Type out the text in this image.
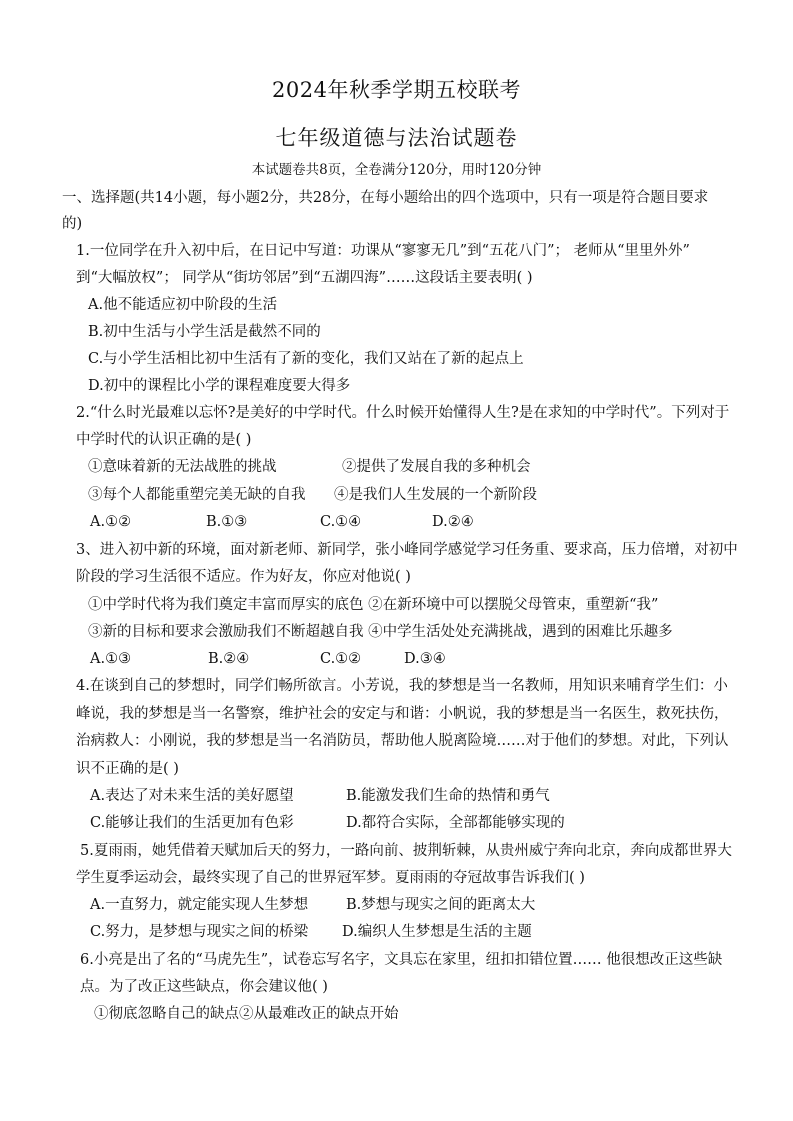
2024年秋季学期五校联考
七年级道德与法治试题卷
本试题卷共8页，全卷满分120分，用时120分钟
一、选择题(共14小题，每小题2分，共28分，在每小题给出的四个选项中，只有一项是符合题目要求
的)
1.一位同学在升入初中后，在日记中写道：功课从“寥寥无几”到“五花八门”； 老师从“里里外外”
到“大幅放权”； 同学从“街坊邻居”到“五湖四海”……这段话主要表明( )
A.他不能适应初中阶段的生活
B.初中生活与小学生活是截然不同的
C.与小学生活相比初中生活有了新的变化，我们又站在了新的起点上
D.初中的课程比小学的课程难度要大得多
2.“什么时光最难以忘怀?是美好的中学时代。什么时候开始懂得人生?是在求知的中学时代”。下列对于
中学时代的认识正确的是( )
①意味着新的无法战胜的挑战	②提供了发展自我的多种机会
③每个人都能重塑完美无缺的自我 ④是我们人生发展的一个新阶段
A.①②	B.①③	C.①④	D.②④
3、进入初中新的环境，面对新老师、新同学，张小峰同学感觉学习任务重、要求高，压力倍增，对初中
阶段的学习生活很不适应。作为好友，你应对他说( )
①中学时代将为我们奠定丰富而厚实的底色 ②在新环境中可以摆脱父母管束，重塑新“我”
③新的目标和要求会激励我们不断超越自我 ④中学生活处处充满挑战，遇到的困难比乐趣多
A.①③	B.②④	C.①②	D.③④
4.在谈到自己的梦想时，同学们畅所欲言。小芳说，我的梦想是当一名教师，用知识来哺育学生们：小
峰说，我的梦想是当一名警察，维护社会的安定与和谐：小帆说，我的梦想是当一名医生，救死扶伤，
治病救人：小刚说，我的梦想是当一名消防员，帮助他人脱离险境……对于他们的梦想。对此，下列认
识不正确的是( )
A.表达了对未来生活的美好愿望	B.能激发我们生命的热情和勇气
C.能够让我们的生活更加有色彩	D.都符合实际，全部都能够实现的
5.夏雨雨，她凭借着天赋加后天的努力，一路向前、披荆斩棘，从贵州威宁奔向北京，奔向成都世界大
学生夏季运动会，最终实现了自己的世界冠军梦。夏雨雨的夺冠故事告诉我们( )
A.一直努力，就定能实现人生梦想	B.梦想与现实之间的距离太大
C.努力，是梦想与现实之间的桥梁 D.编织人生梦想是生活的主题
6.小亮是出了名的“马虎先生”，试卷忘写名字，文具忘在家里，纽扣扣错位置…… 他很想改正这些缺
点。为了改正这些缺点，你会建议他( )
①彻底忽略自己的缺点②从最难改正的缺点开始
